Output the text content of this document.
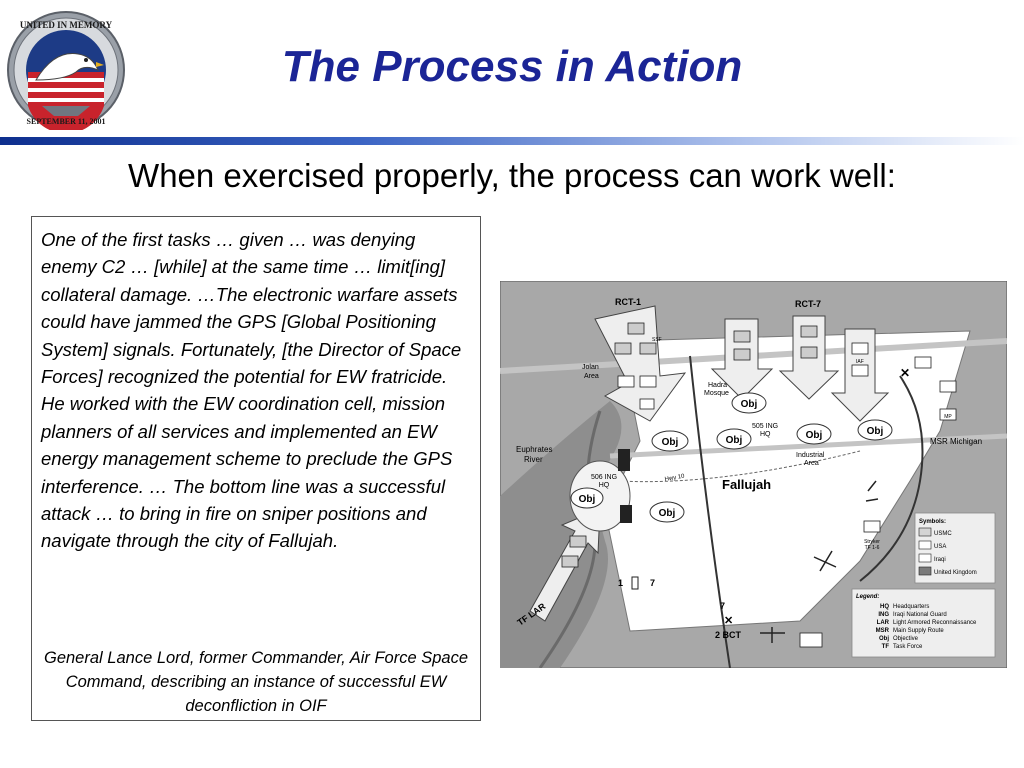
UNITED IN MEMORY
SEPTEMBER 11, 2001
The Process in Action
When exercised properly, the process can work well:

One of the first tasks … given … was denying enemy C2 … [while] at the same time … limit[ing] collateral damage. …The electronic warfare assets could have jammed the GPS [Global Positioning System] signals. Fortunately, [the Director of Space Forces] recognized the potential for EW fratricide. He worked with the EW coordination cell, mission planners of all services and implemented an EW energy management scheme to preclude the GPS interference. … The bottom line was a successful attack … to bring in fire on sniper positions and navigate through the city of Fallujah.

General Lance Lord, former Commander, Air Force Space Command, describing an instance of successful EW deconfliction in OIF

RCT-1
SSF
RCT-7
IAF
MP
✕
Stryker
TF 1-6
TF LAR
506 ING
HQ
Obj
Obj
Obj
Obj
Obj	Obj	Obj
Jolan
Area
Hadra
Mosque
Euphrates
River
505 ING
HQ
Industrial
Area
MSR Michigan
Fallujah
Hwy 10
1	7
7
✕
2 BCT
Symbols:
USMC
USA
Iraqi
United Kingdom
Legend:
HQ Headquarters
ING Iraqi National Guard
LAR Light Armored Reconnaissance
MSR Main Supply Route
Obj Objective
TF Task Force
